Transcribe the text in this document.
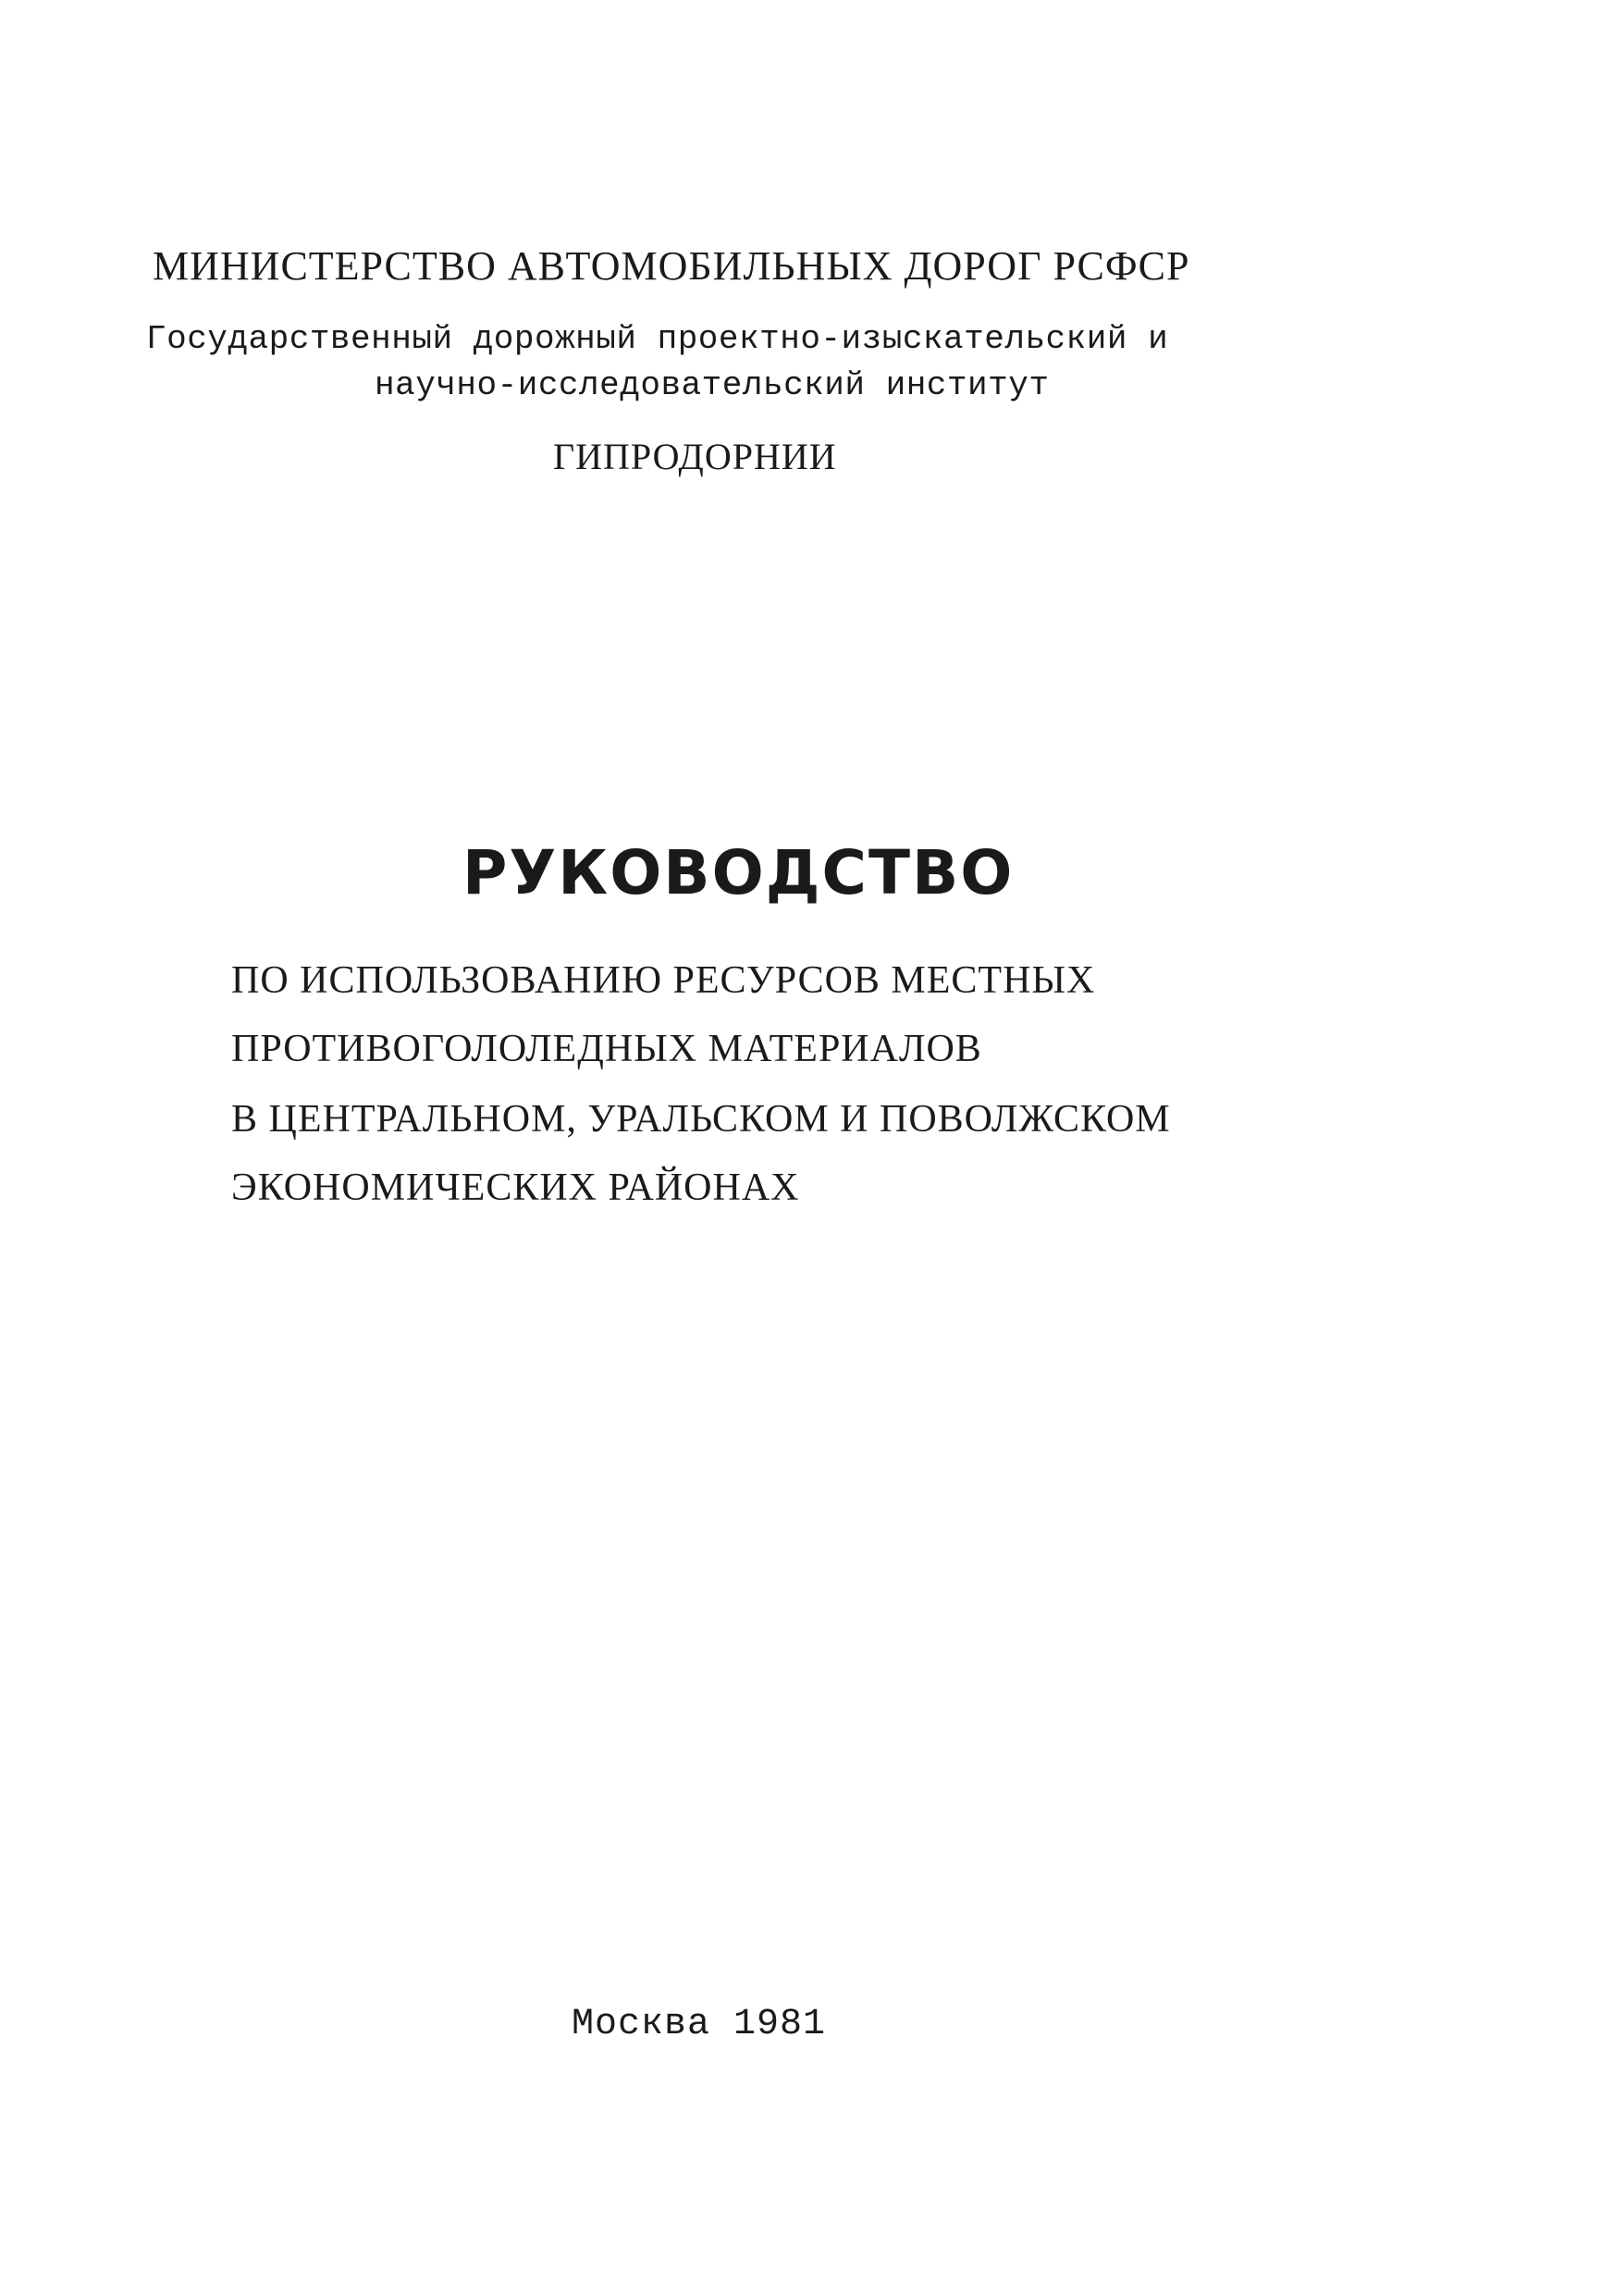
МИНИСТЕРСТВО АВТОМОБИЛЬНЫХ ДОРОГ РСФСР

Государственный дорожный проектно-изыскательский и

научно-исследовательский институт

ГИПРОДОРНИИ

РУКОВОДСТВО

ПО ИСПОЛЬЗОВАНИЮ РЕСУРСОВ МЕСТНЫХ

ПРОТИВОГОЛОЛЕДНЫХ МАТЕРИАЛОВ

В ЦЕНТРАЛЬНОМ, УРАЛЬСКОМ И ПОВОЛЖСКОМ

ЭКОНОМИЧЕСКИХ РАЙОНАХ

Москва 1981
